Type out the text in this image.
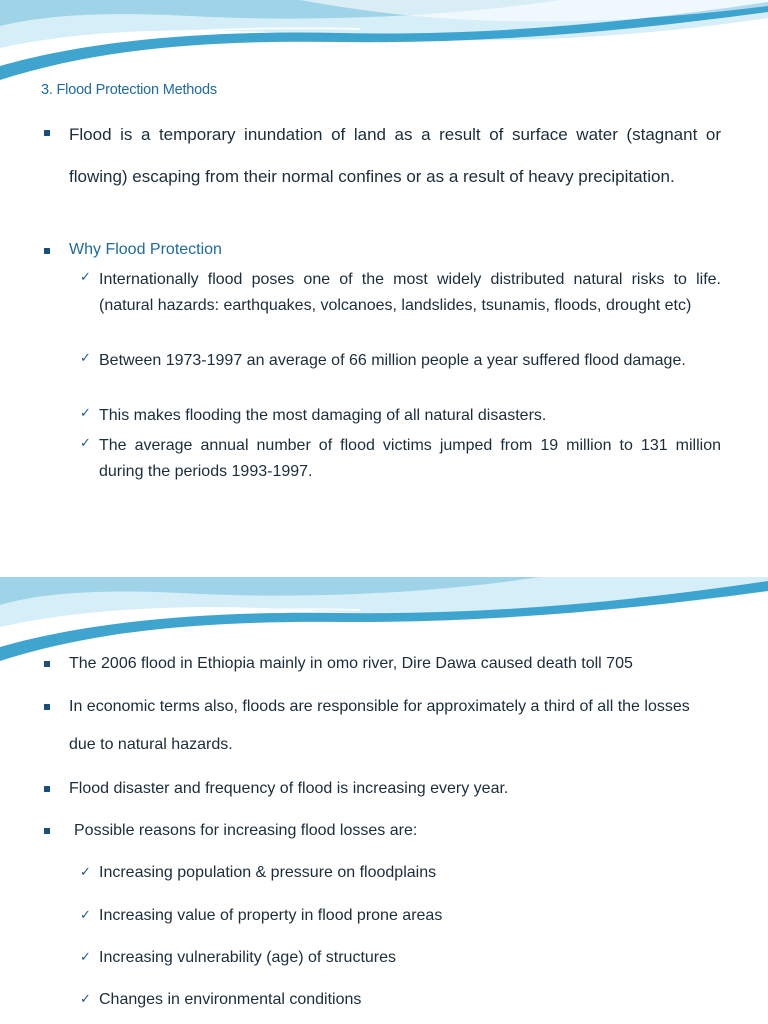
3. Flood Protection Methods
Flood is a temporary inundation of land as a result of surface water (stagnant or flowing) escaping from their normal confines or as a result of heavy precipitation.
Why Flood Protection
✓ Internationally flood poses one of the most widely distributed natural risks to life. (natural hazards: earthquakes, volcanoes, landslides, tsunamis, floods, drought etc)
✓ Between 1973-1997 an average of 66 million people a year suffered flood damage.
✓ This makes flooding the most damaging of all natural disasters.
✓ The average annual number of flood victims jumped from 19 million to 131 million during the periods 1993-1997.
The 2006 flood in Ethiopia mainly in omo river, Dire Dawa caused death toll 705
In economic terms also, floods are responsible for approximately a third of all the losses due to natural hazards.
Flood disaster and frequency of flood is increasing every year.
Possible reasons for increasing flood losses are:
✓ Increasing population & pressure on floodplains
✓ Increasing value of property in flood prone areas
✓ Increasing vulnerability (age) of structures
✓ Changes in environmental conditions
